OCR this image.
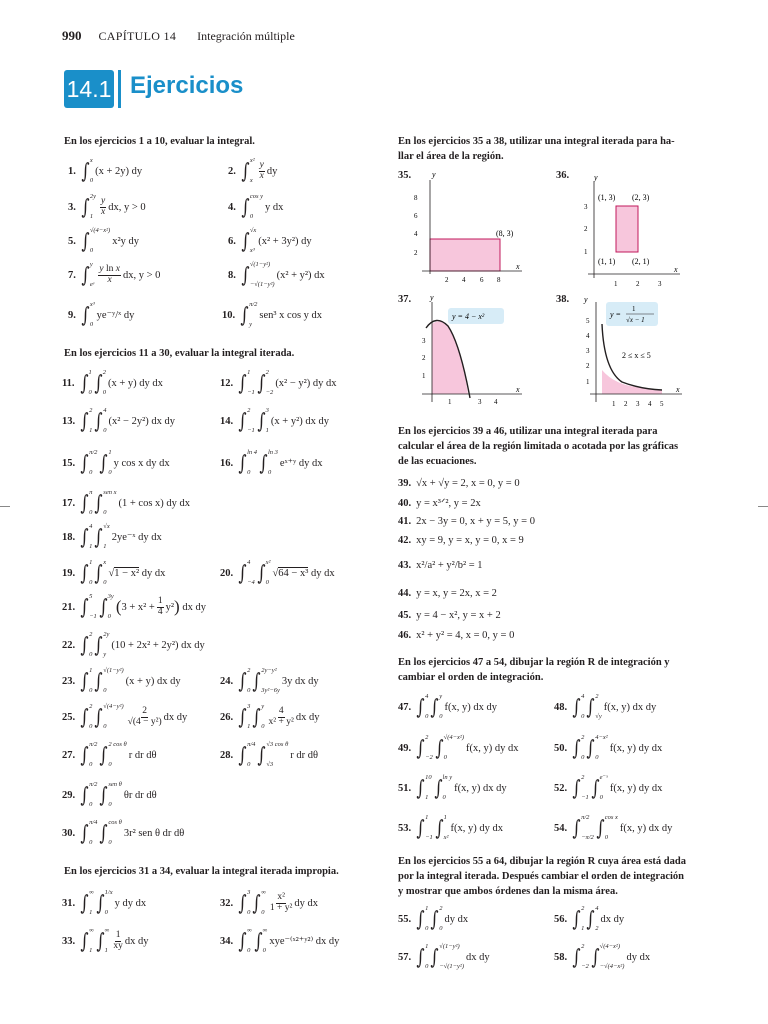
990 CAPÍTULO 14 Integración múltiple
14.1 Ejercicios
En los ejercicios 1 a 10, evaluar la integral.
1. ∫ x
0
(x + 2y) dy	2. ∫ x²
x $\frac{y}{x}$ dy
3. ∫ 2y
$1 \frac{y}{x}$ dx, y > 0	4. ∫ cos y
0
y dx
5. ∫ √(4−x²)
0
x²y dy	6. ∫ √x
x³
(x² + 3y²) dy
7. ∫ y
eʸ $\frac{\text{y ln x}}{x}$ dx, y > 0	8. ∫ √(1−y²)
−√(1−y²)
(x² + y²) dx
9. ∫ x³
0
ye⁻ʸ/ˣ dy	10. ∫ π/2
y
sen³ x cos y dx
En los ejercicios 11 a 30, evaluar la integral iterada.
11. ∫ 1
0 ∫ 2
0
(x + y) dy dx	12. ∫ 1
−1 ∫ 2
−2
(x² − y²) dy dx
13. ∫ 2
1 ∫ 4
0
(x² − 2y²) dx dy	14. ∫ 2
−1 ∫ 3
1
(x + y²) dx dy
15. ∫ π/2
0 ∫ 1
0
y cos x dy dx	16. ∫ ln 4
0 ∫ ln 3
0
eˣ⁺ʸ dy dx
17. ∫ π
0 ∫ sen x
0
(1 + cos x) dy dx
18. ∫ 4
1 ∫ √x
1
2ye⁻ˣ dy dx
19. ∫ 1
0 ∫ x
0
√1 − x² dy dx	20. ∫ 4
−4 ∫ x²
0
√64 − x³ dy dx
21. ∫ 5
−1 ∫ 3y
0 ( $3 + x^2 + \frac{1}{4} y^2$ )
dx dy
22. ∫ 2
0 ∫ 2y
y
(10 + 2x² + 2y²) dx dy
23. ∫ 1
0 ∫ √(1−y²)
0
(x + y) dx dy	24. ∫ 2
0 ∫ 2y−y²
3y²−6y
3y dx dy
25. ∫ 2
0 ∫ √(4−y²)
0	$\frac{2}{\text{√(4 − y²)}}$ dx dy	26. ∫ 3
1 ∫ y
$0 \frac{4}{\text{x² + y²}}$ dx dy
27. ∫ π/2
0 ∫ 2 cos θ
0
r dr dθ	28. ∫ π/4
0 ∫ √3 cos θ
√3
r dr dθ
29. ∫ π/2
0 ∫ sen θ
0
θr dr dθ
30. ∫ π/4
0 ∫ cos θ
0
3r² sen θ dr dθ
En los ejercicios 31 a 34, evaluar la integral iterada impropia.
31. ∫ ∞
1 ∫ 1/x
0
y dy dx	32. ∫ 3
0 ∫ ∞
$0 \frac{\text{x²}}{\text{1 + y²}}$ dy dx
33. ∫ ∞
1 ∫ ∞
$1 \frac{1}{xy}$ dx dy	34. ∫ ∞
0 ∫ ∞
0
xye⁻⁽ˣ²⁺ʸ²⁾ dx dy
En los ejercicios 35 a 38, utilizar una integral iterada para ha-
llar el área de la región.
35.	y
x
2
4
6
8
2 4 6 8
(8, 3)
36.	y
x
1
2
3
1	2	3
(1, 3) (2, 3)
(1, 1) (2, 1)
37. y
x
1
2
3
1	3 4
y = 4 − x²
38. y
x
1
2
3
4
5
1 2 3 4 5
y =
1
√x − 1
2 ≤ x ≤ 5
En los ejercicios 39 a 46, utilizar una integral iterada para
calcular el área de la región limitada o acotada por las gráficas
de las ecuaciones.
39. √x + √y = 2, x = 0, y = 0
40. y = x³ᐟ², y = 2x
41. 2x − 3y = 0, x + y = 5, y = 0
42. xy = 9, y = x, y = 0, x = 9
43. x²/a² + y²/b² = 1
44. y = x, y = 2x, x = 2
45. y = 4 − x², y = x + 2
46. x² + y² = 4, x = 0, y = 0
En los ejercicios 47 a 54, dibujar la región R de integración y
cambiar el orden de integración.
47. ∫ 4
0 ∫ y
0
f(x, y) dx dy	48. ∫ 4
0 ∫ 2
√y
f(x, y) dx dy
49. ∫ 2
−2 ∫ √(4−x²)
0
f(x, y) dy dx	50. ∫ 2
0 ∫ 4−x²
0
f(x, y) dy dx
51. ∫ 10
1 ∫ ln y
0
f(x, y) dx dy	52. ∫ 2
−1 ∫ e⁻ˣ
0
f(x, y) dy dx
53. ∫ 1
−1 ∫ 1
x²
f(x, y) dy dx	54. ∫ π/2
−π/2 ∫ cos x
0
f(x, y) dx dy
En los ejercicios 55 a 64, dibujar la región R cuya área está dada
por la integral iterada. Después cambiar el orden de integración
y mostrar que ambos órdenes dan la misma área.
55. ∫ 1
0 ∫ 2
0
dy dx	56. ∫ 2
1 ∫ 4
2
dx dy
57. ∫ 1
0 ∫ √(1−y²)
−√(1−y²)
dx dy	58. ∫ 2
−2 ∫ √(4−x²)
−√(4−x²)
dy dx
